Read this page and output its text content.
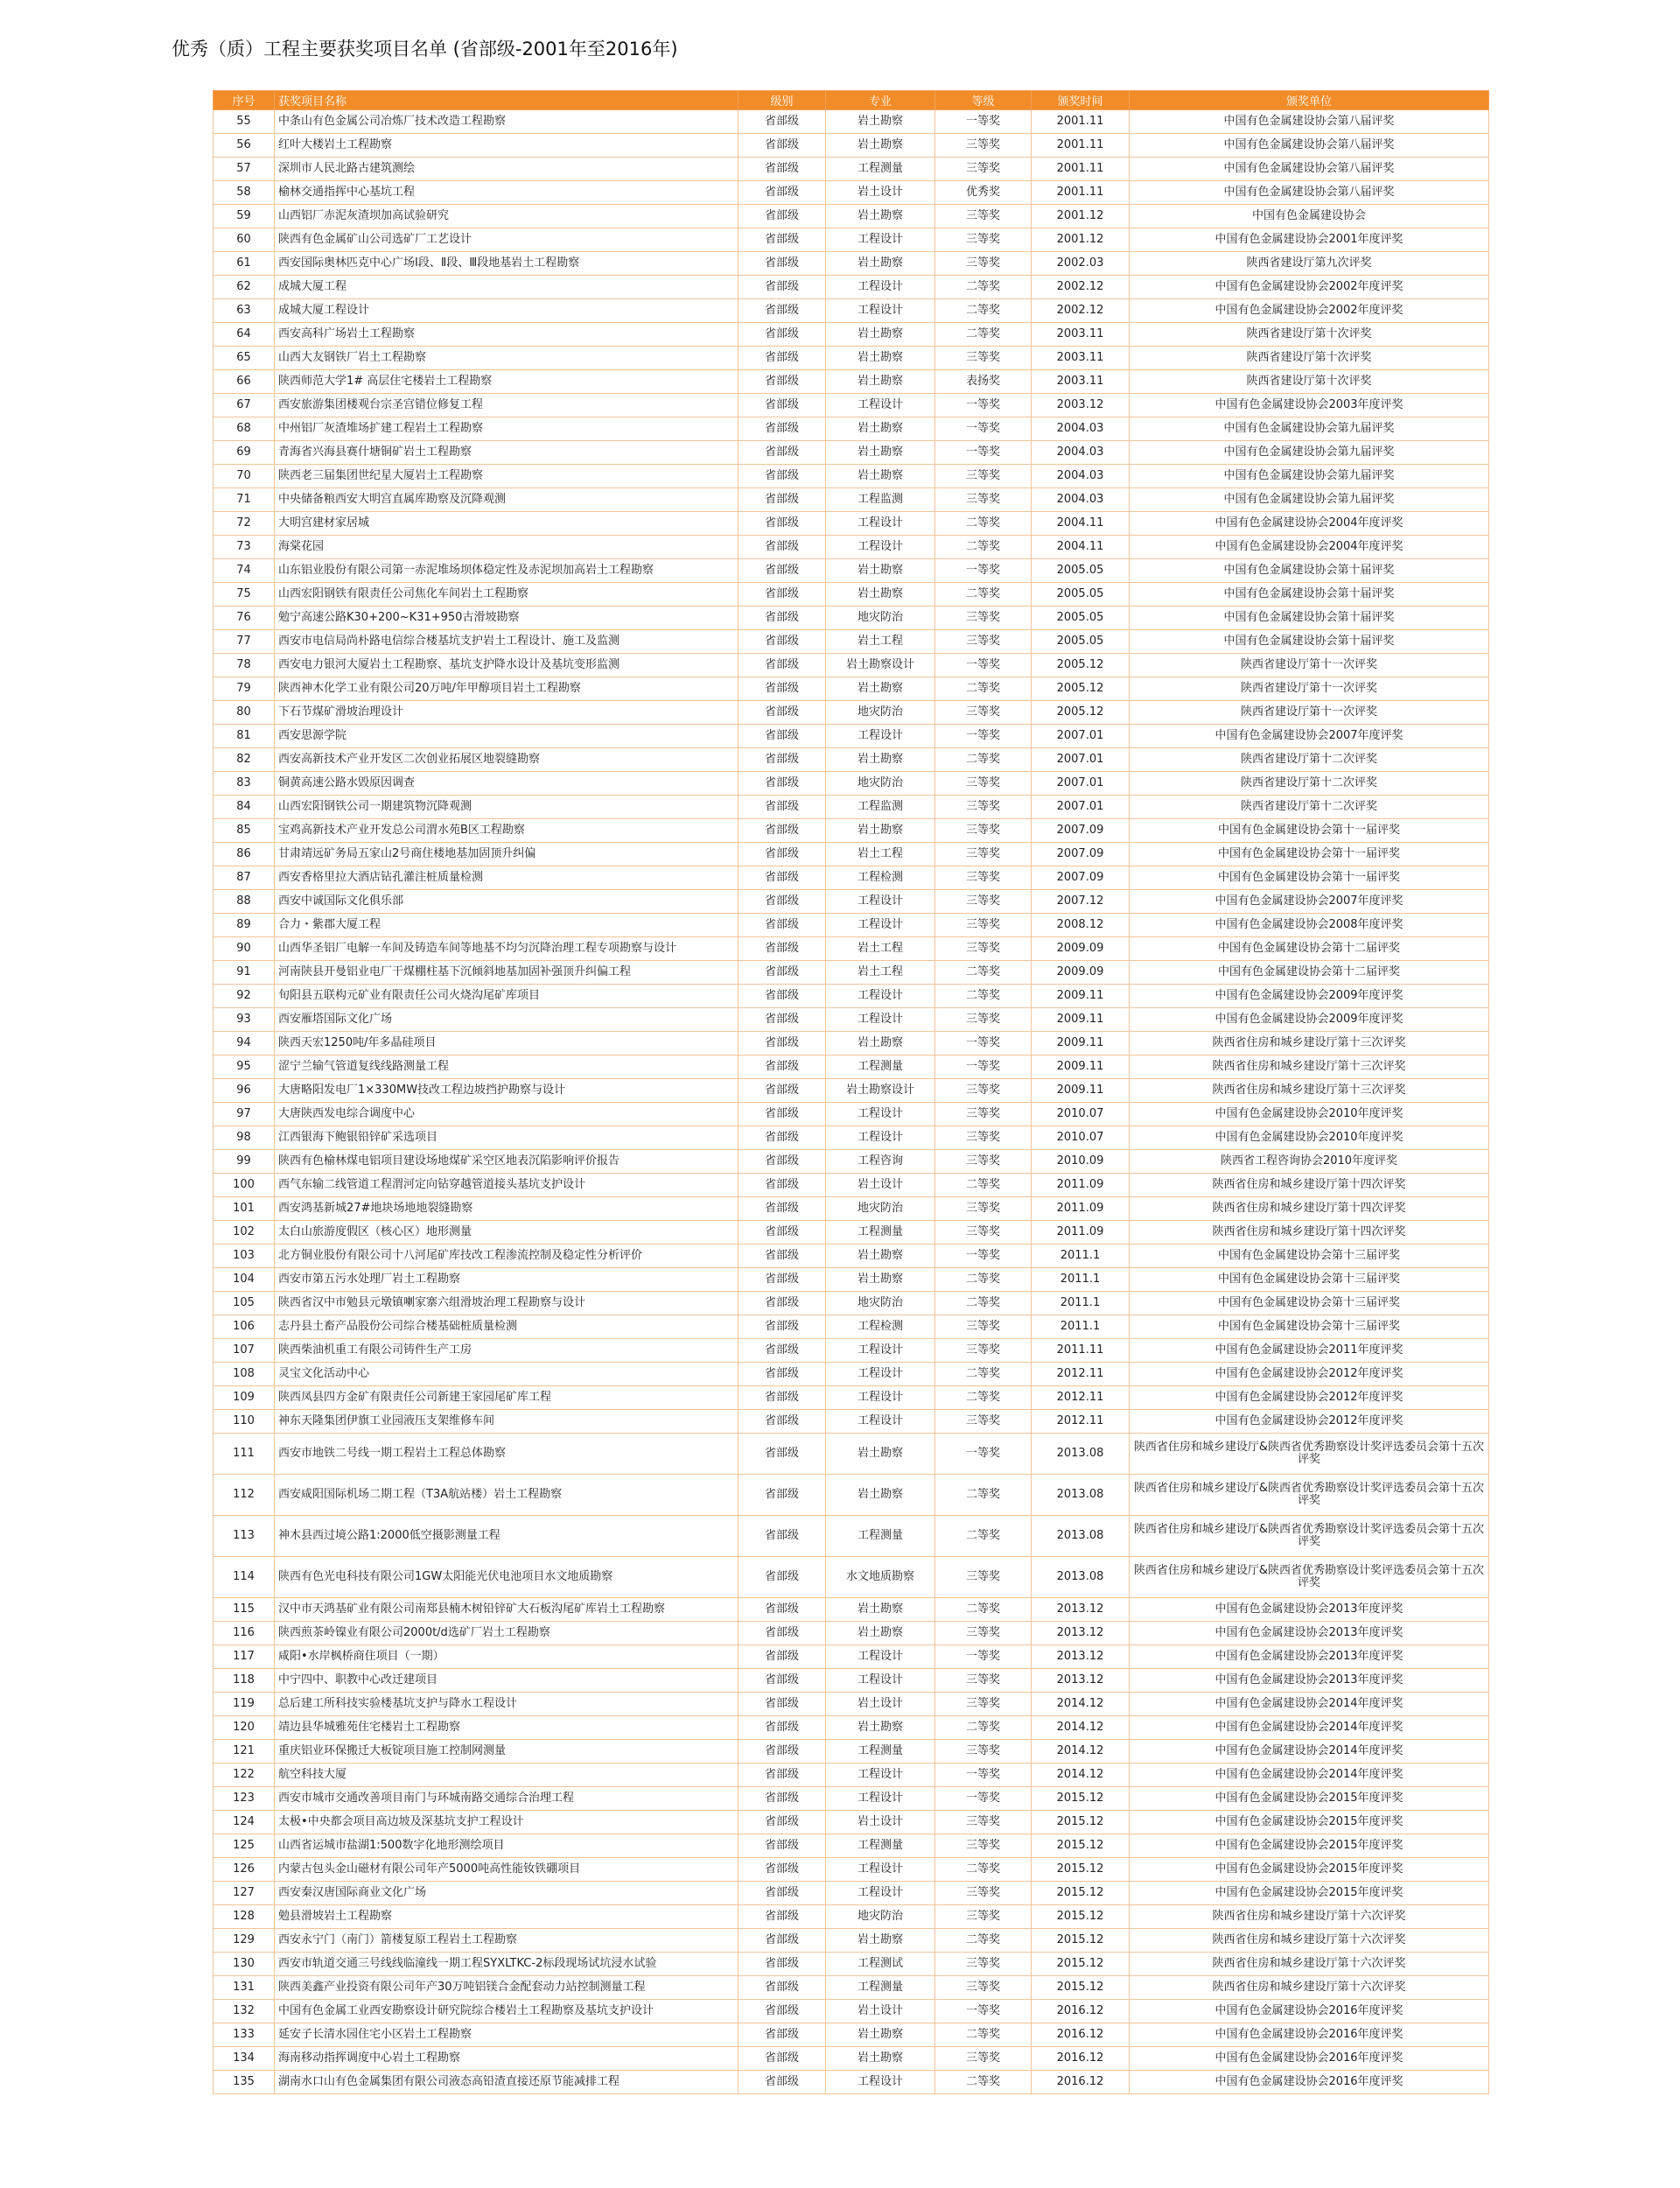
优秀（质）工程主要获奖项目名单 (省部级-2001年至2016年)
序号	获奖项目名称	级别	专业	等级	颁奖时间	颁奖单位
55	中条山有色金属公司冶炼厂技术改造工程勘察	省部级	岩土勘察	一等奖	2001.11	中国有色金属建设协会第八届评奖
56	红叶大楼岩土工程勘察	省部级	岩土勘察	三等奖	2001.11	中国有色金属建设协会第八届评奖
57	深圳市人民北路古建筑测绘	省部级	工程测量	三等奖	2001.11	中国有色金属建设协会第八届评奖
58	榆林交通指挥中心基坑工程	省部级	岩土设计	优秀奖	2001.11	中国有色金属建设协会第八届评奖
59	山西铝厂赤泥灰渣坝加高试验研究	省部级	岩土勘察	三等奖	2001.12	中国有色金属建设协会
60	陕西有色金属矿山公司选矿厂工艺设计	省部级	工程设计	三等奖	2001.12	中国有色金属建设协会2001年度评奖
61	西安国际奥林匹克中心广场Ⅰ段、Ⅱ段、Ⅲ段地基岩土工程勘察	省部级	岩土勘察	三等奖	2002.03	陕西省建设厅第九次评奖
62	成城大厦工程	省部级	工程设计	二等奖	2002.12	中国有色金属建设协会2002年度评奖
63	成城大厦工程设计	省部级	工程设计	二等奖	2002.12	中国有色金属建设协会2002年度评奖
64	西安高科广场岩土工程勘察	省部级	岩土勘察	二等奖	2003.11	陕西省建设厅第十次评奖
65	山西大友钢铁厂岩土工程勘察	省部级	岩土勘察	三等奖	2003.11	陕西省建设厅第十次评奖
66	陕西师范大学1# 高层住宅楼岩土工程勘察	省部级	岩土勘察	表扬奖	2003.11	陕西省建设厅第十次评奖
67	西安旅游集团楼观台宗圣宫错位修复工程	省部级	工程设计	一等奖	2003.12	中国有色金属建设协会2003年度评奖
68	中州铝厂灰渣堆场扩建工程岩土工程勘察	省部级	岩土勘察	一等奖	2004.03	中国有色金属建设协会第九届评奖
69	青海省兴海县赛什塘铜矿岩土工程勘察	省部级	岩土勘察	一等奖	2004.03	中国有色金属建设协会第九届评奖
70	陕西老三届集团世纪星大厦岩土工程勘察	省部级	岩土勘察	三等奖	2004.03	中国有色金属建设协会第九届评奖
71	中央储备粮西安大明宫直属库勘察及沉降观测	省部级	工程监测	三等奖	2004.03	中国有色金属建设协会第九届评奖
72	大明宫建材家居城	省部级	工程设计	二等奖	2004.11	中国有色金属建设协会2004年度评奖
73	海棠花园	省部级	工程设计	二等奖	2004.11	中国有色金属建设协会2004年度评奖
74	山东铝业股份有限公司第一赤泥堆场坝体稳定性及赤泥坝加高岩土工程勘察	省部级	岩土勘察	一等奖	2005.05	中国有色金属建设协会第十届评奖
75	山西宏阳钢铁有限责任公司焦化车间岩土工程勘察	省部级	岩土勘察	二等奖	2005.05	中国有色金属建设协会第十届评奖
76	勉宁高速公路K30+200~K31+950古滑坡勘察	省部级	地灾防治	三等奖	2005.05	中国有色金属建设协会第十届评奖
77	西安市电信局尚朴路电信综合楼基坑支护岩土工程设计、施工及监测	省部级	岩土工程	三等奖	2005.05	中国有色金属建设协会第十届评奖
78	西安电力银河大厦岩土工程勘察、基坑支护降水设计及基坑变形监测	省部级	岩土勘察设计	一等奖	2005.12	陕西省建设厅第十一次评奖
79	陕西神木化学工业有限公司20万吨/年甲醇项目岩土工程勘察	省部级	岩土勘察	二等奖	2005.12	陕西省建设厅第十一次评奖
80	下石节煤矿滑坡治理设计	省部级	地灾防治	三等奖	2005.12	陕西省建设厅第十一次评奖
81	西安思源学院	省部级	工程设计	一等奖	2007.01	中国有色金属建设协会2007年度评奖
82	西安高新技术产业开发区二次创业拓展区地裂缝勘察	省部级	岩土勘察	二等奖	2007.01	陕西省建设厅第十二次评奖
83	铜黄高速公路水毁原因调查	省部级	地灾防治	三等奖	2007.01	陕西省建设厅第十二次评奖
84	山西宏阳钢铁公司一期建筑物沉降观测	省部级	工程监测	三等奖	2007.01	陕西省建设厅第十二次评奖
85	宝鸡高新技术产业开发总公司渭水苑B区工程勘察	省部级	岩土勘察	三等奖	2007.09	中国有色金属建设协会第十一届评奖
86	甘肃靖远矿务局五家山2号商住楼地基加固顶升纠偏	省部级	岩土工程	三等奖	2007.09	中国有色金属建设协会第十一届评奖
87	西安香格里拉大酒店钻孔灌注桩质量检测	省部级	工程检测	三等奖	2007.09	中国有色金属建设协会第十一届评奖
88	西安中诚国际文化俱乐部	省部级	工程设计	三等奖	2007.12	中国有色金属建设协会2007年度评奖
89	合力・紫郡大厦工程	省部级	工程设计	三等奖	2008.12	中国有色金属建设协会2008年度评奖
90	山西华圣铝厂电解一车间及铸造车间等地基不均匀沉降治理工程专项勘察与设计	省部级	岩土工程	三等奖	2009.09	中国有色金属建设协会第十二届评奖
91	河南陕县开曼铝业电厂干煤棚柱基下沉倾斜地基加固补强顶升纠偏工程	省部级	岩土工程	二等奖	2009.09	中国有色金属建设协会第十二届评奖
92	旬阳县五联构元矿业有限责任公司火烧沟尾矿库项目	省部级	工程设计	二等奖	2009.11	中国有色金属建设协会2009年度评奖
93	西安雁塔国际文化广场	省部级	工程设计	三等奖	2009.11	中国有色金属建设协会2009年度评奖
94	陕西天宏1250吨/年多晶硅项目	省部级	岩土勘察	一等奖	2009.11	陕西省住房和城乡建设厅第十三次评奖
95	涩宁兰输气管道复线线路测量工程	省部级	工程测量	一等奖	2009.11	陕西省住房和城乡建设厅第十三次评奖
96	大唐略阳发电厂1×330MW技改工程边坡挡护勘察与设计	省部级	岩土勘察设计	三等奖	2009.11	陕西省住房和城乡建设厅第十三次评奖
97	大唐陕西发电综合调度中心	省部级	工程设计	三等奖	2010.07	中国有色金属建设协会2010年度评奖
98	江西银海下鲍银铅锌矿采选项目	省部级	工程设计	三等奖	2010.07	中国有色金属建设协会2010年度评奖
99	陕西有色榆林煤电铝项目建设场地煤矿采空区地表沉陷影响评价报告	省部级	工程咨询	三等奖	2010.09	陕西省工程咨询协会2010年度评奖
100	西气东输二线管道工程渭河定向钻穿越管道接头基坑支护设计	省部级	岩土设计	二等奖	2011.09	陕西省住房和城乡建设厅第十四次评奖
101	西安鸿基新城27#地块场地地裂缝勘察	省部级	地灾防治	三等奖	2011.09	陕西省住房和城乡建设厅第十四次评奖
102	太白山旅游度假区（核心区）地形测量	省部级	工程测量	三等奖	2011.09	陕西省住房和城乡建设厅第十四次评奖
103	北方铜业股份有限公司十八河尾矿库技改工程渗流控制及稳定性分析评价	省部级	岩土勘察	一等奖	2011.1	中国有色金属建设协会第十三届评奖
104	西安市第五污水处理厂岩土工程勘察	省部级	岩土勘察	二等奖	2011.1	中国有色金属建设协会第十三届评奖
105	陕西省汉中市勉县元墩镇喇家寨六组滑坡治理工程勘察与设计	省部级	地灾防治	二等奖	2011.1	中国有色金属建设协会第十三届评奖
106	志丹县土畜产品股份公司综合楼基础桩质量检测	省部级	工程检测	三等奖	2011.1	中国有色金属建设协会第十三届评奖
107	陕西柴油机重工有限公司铸件生产工房	省部级	工程设计	三等奖	2011.11	中国有色金属建设协会2011年度评奖
108	灵宝文化活动中心	省部级	工程设计	二等奖	2012.11	中国有色金属建设协会2012年度评奖
109	陕西凤县四方金矿有限责任公司新建王家园尾矿库工程	省部级	工程设计	二等奖	2012.11	中国有色金属建设协会2012年度评奖
110	神东天隆集团伊旗工业园液压支架维修车间	省部级	工程设计	三等奖	2012.11	中国有色金属建设协会2012年度评奖
111	西安市地铁二号线一期工程岩土工程总体勘察	省部级	岩土勘察	一等奖	2013.08	陕西省住房和城乡建设厅&陕西省优秀勘察设计奖评选委员会第十五次评奖
112	西安咸阳国际机场二期工程（T3A航站楼）岩土工程勘察	省部级	岩土勘察	二等奖	2013.08	陕西省住房和城乡建设厅&陕西省优秀勘察设计奖评选委员会第十五次评奖
113	神木县西过境公路1:2000低空摄影测量工程	省部级	工程测量	二等奖	2013.08	陕西省住房和城乡建设厅&陕西省优秀勘察设计奖评选委员会第十五次评奖
114	陕西有色光电科技有限公司1GW太阳能光伏电池项目水文地质勘察	省部级	水文地质勘察	三等奖	2013.08	陕西省住房和城乡建设厅&陕西省优秀勘察设计奖评选委员会第十五次评奖
115	汉中市天鸿基矿业有限公司南郑县楠木树铅锌矿大石板沟尾矿库岩土工程勘察	省部级	岩土勘察	二等奖	2013.12	中国有色金属建设协会2013年度评奖
116	陕西煎茶岭镍业有限公司2000t/d选矿厂岩土工程勘察	省部级	岩土勘察	三等奖	2013.12	中国有色金属建设协会2013年度评奖
117	咸阳•水岸枫桥商住项目（一期）	省部级	工程设计	一等奖	2013.12	中国有色金属建设协会2013年度评奖
118	中宁四中、职教中心改迁建项目	省部级	工程设计	三等奖	2013.12	中国有色金属建设协会2013年度评奖
119	总后建工所科技实验楼基坑支护与降水工程设计	省部级	岩土设计	三等奖	2014.12	中国有色金属建设协会2014年度评奖
120	靖边县华城雅苑住宅楼岩土工程勘察	省部级	岩土勘察	二等奖	2014.12	中国有色金属建设协会2014年度评奖
121	重庆铝业环保搬迁大板锭项目施工控制网测量	省部级	工程测量	三等奖	2014.12	中国有色金属建设协会2014年度评奖
122	航空科技大厦	省部级	工程设计	一等奖	2014.12	中国有色金属建设协会2014年度评奖
123	西安市城市交通改善项目南门与环城南路交通综合治理工程	省部级	工程设计	一等奖	2015.12	中国有色金属建设协会2015年度评奖
124	太极•中央都会项目高边坡及深基坑支护工程设计	省部级	岩土设计	三等奖	2015.12	中国有色金属建设协会2015年度评奖
125	山西省运城市盐湖1:500数字化地形测绘项目	省部级	工程测量	三等奖	2015.12	中国有色金属建设协会2015年度评奖
126	内蒙古包头金山磁材有限公司年产5000吨高性能钕铁硼项目	省部级	工程设计	二等奖	2015.12	中国有色金属建设协会2015年度评奖
127	西安秦汉唐国际商业文化广场	省部级	工程设计	三等奖	2015.12	中国有色金属建设协会2015年度评奖
128	勉县滑坡岩土工程勘察	省部级	地灾防治	三等奖	2015.12	陕西省住房和城乡建设厅第十六次评奖
129	西安永宁门（南门）箭楼复原工程岩土工程勘察	省部级	岩土勘察	二等奖	2015.12	陕西省住房和城乡建设厅第十六次评奖
130	西安市轨道交通三号线线临潼线一期工程SYXLTKC-2标段现场试坑浸水试验	省部级	工程测试	三等奖	2015.12	陕西省住房和城乡建设厅第十六次评奖
131	陕西美鑫产业投资有限公司年产30万吨铝镁合金配套动力站控制测量工程	省部级	工程测量	三等奖	2015.12	陕西省住房和城乡建设厅第十六次评奖
132	中国有色金属工业西安勘察设计研究院综合楼岩土工程勘察及基坑支护设计	省部级	岩土设计	一等奖	2016.12	中国有色金属建设协会2016年度评奖
133	延安子长清水园住宅小区岩土工程勘察	省部级	岩土勘察	二等奖	2016.12	中国有色金属建设协会2016年度评奖
134	海南移动指挥调度中心岩土工程勘察	省部级	岩土勘察	三等奖	2016.12	中国有色金属建设协会2016年度评奖
135	湖南水口山有色金属集团有限公司液态高铅渣直接还原节能减排工程	省部级	工程设计	二等奖	2016.12	中国有色金属建设协会2016年度评奖
